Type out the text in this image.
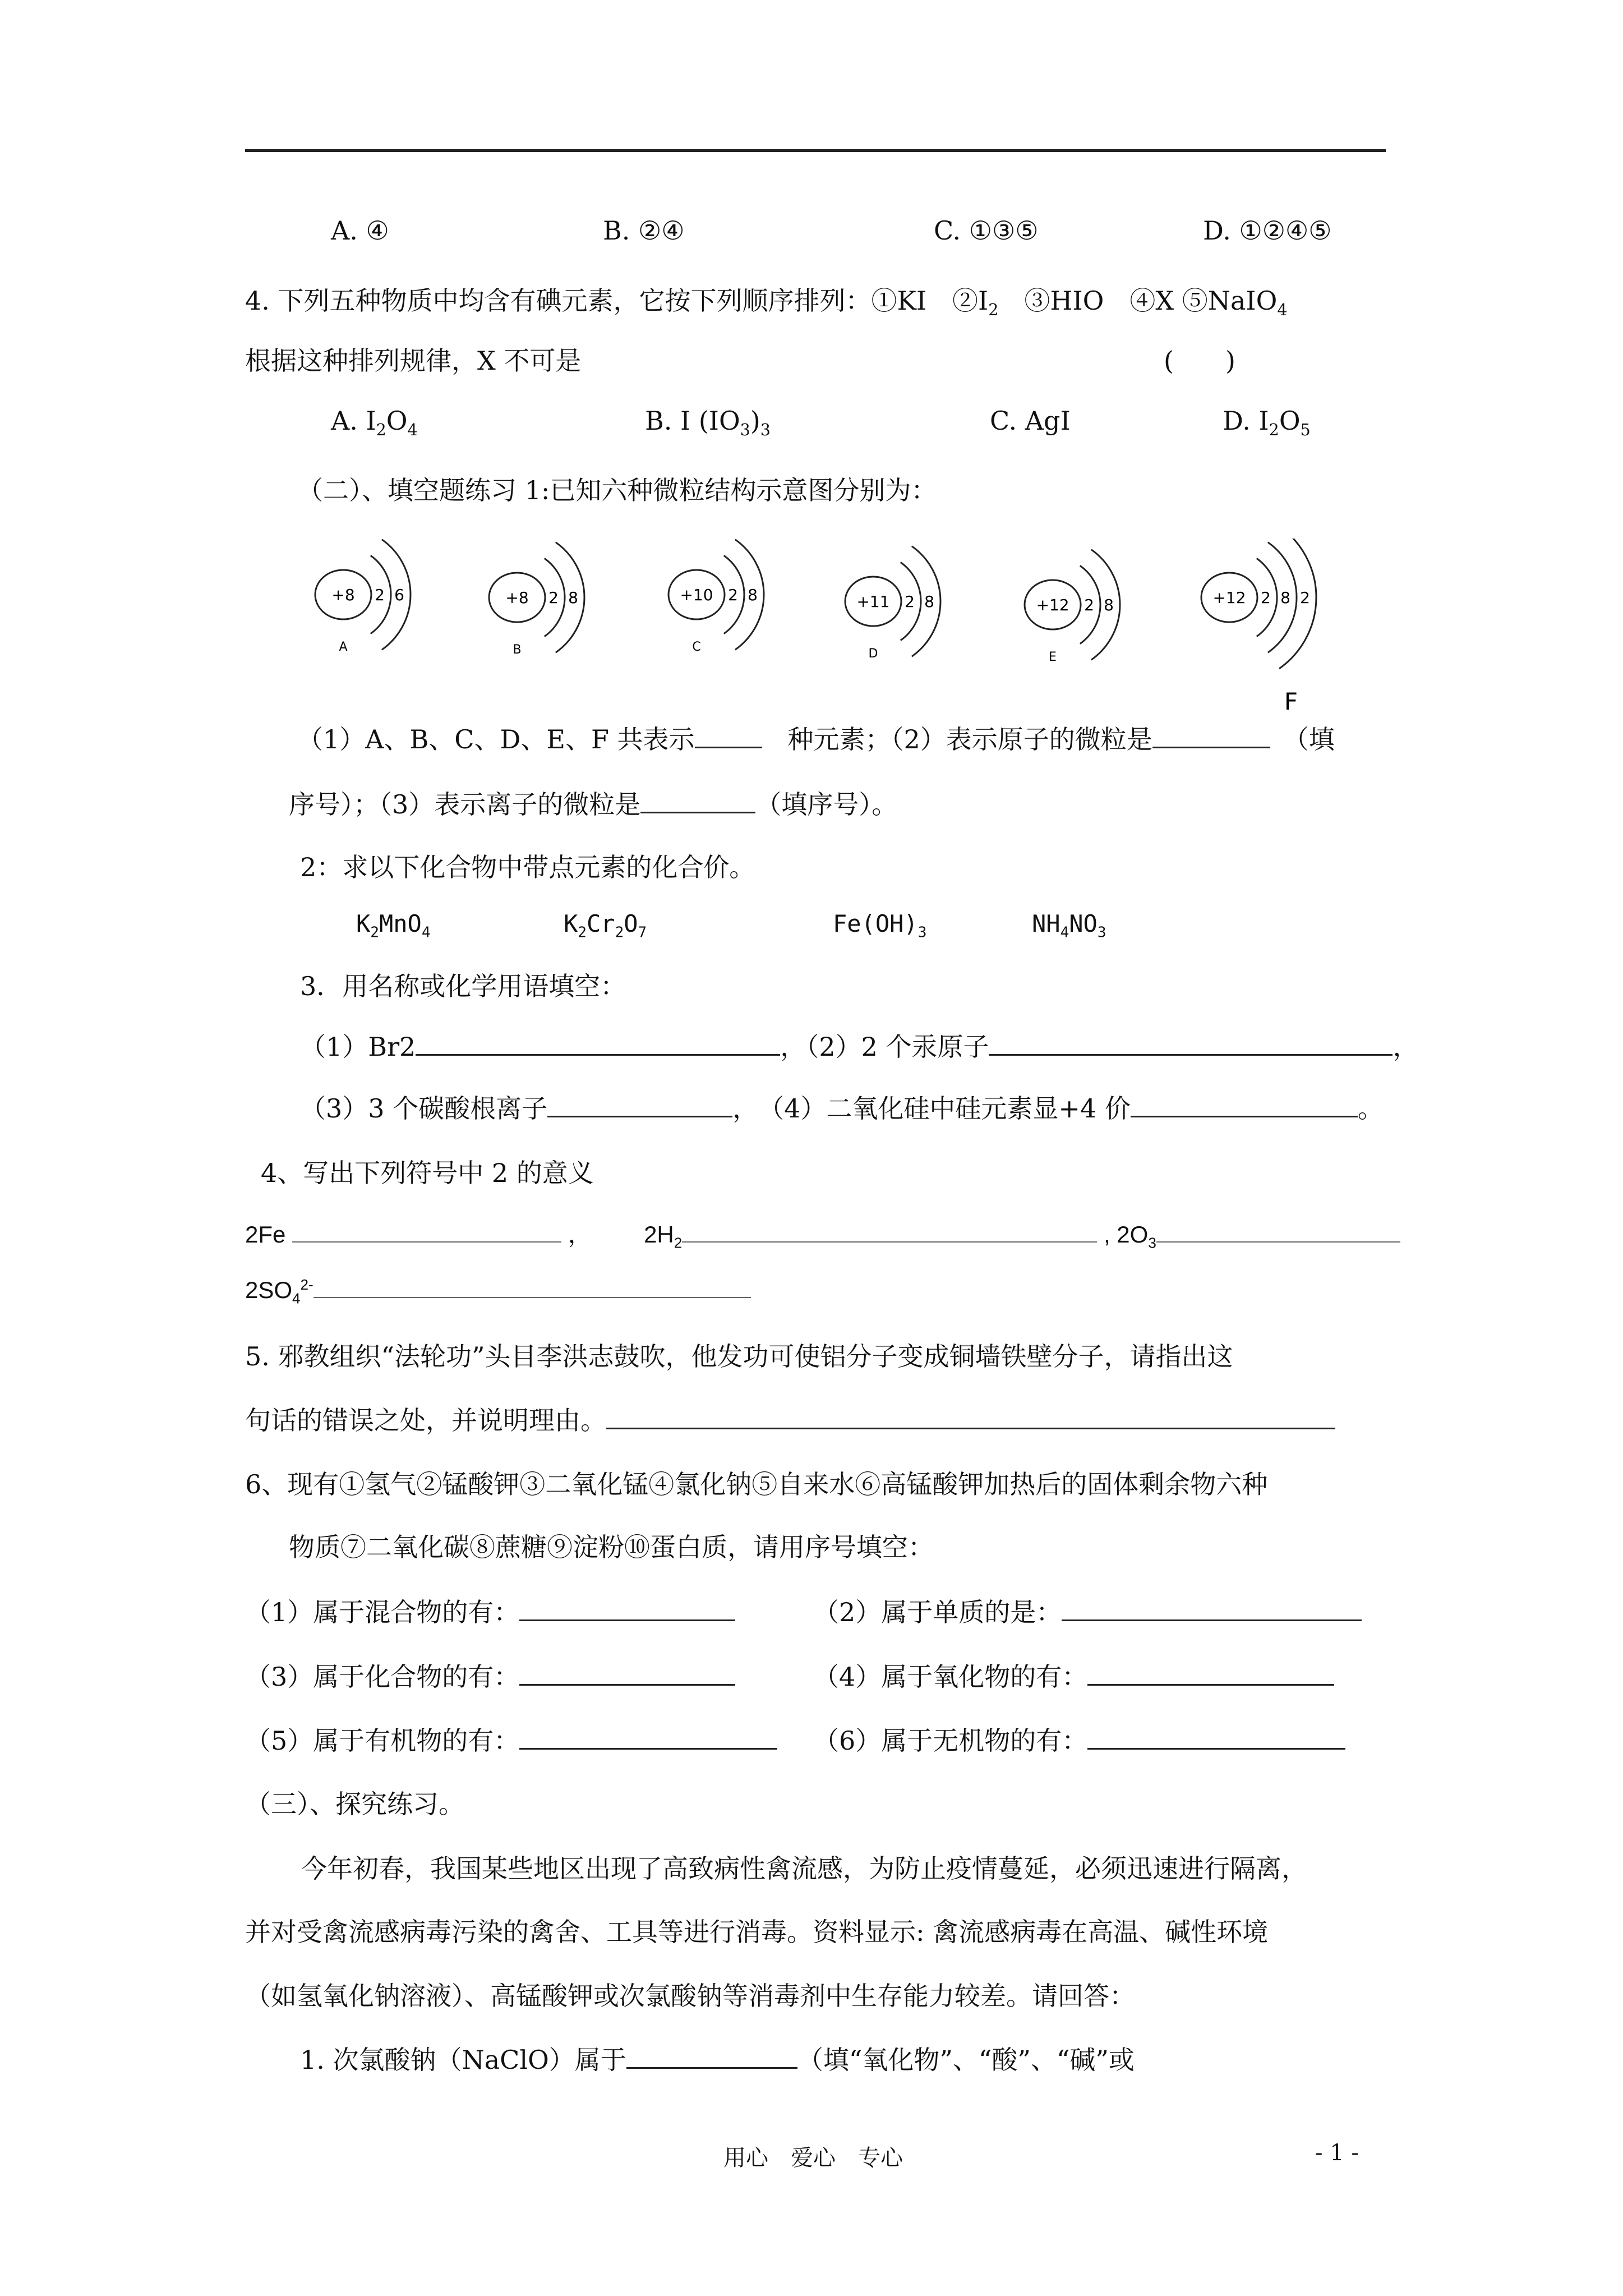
A. ④	B. ②④	C. ①③⑤	D. ①②④⑤
4. 下列五种物质中均含有碘元素，它按下列顺序排列：①KI　$②I_2$　③HIO　④X ⑤NaIO$_4$
根据这种排列规律，X 不可是	(　　)
A. $I_2O_4$	B. I $(IO_3)_3$	C. AgI	D. $I_2O_5$
（二）、填空题练习 1:已知六种微粒结构示意图分别为：
+8 2 6
A
+8 2 8
B
+10 2 8
C
+11 2 8
D
+12 2 8
E
+12 2 8 2
F
（1）A、B、C、D、E、F 共表示　	种元素；（2）表示原子的微粒是　	（填
序号）；（3）表示离子的微粒是	（填序号）。
2：求以下化合物中带点元素的化合价。
$K_2MnO_4$	$K_2Cr_2O_7$	$Fe(OH)_3$	$NH_4NO_3$
3．用名称或化学用语填空：
（1）Br2	，（2）2 个汞原子	，
（3）3 个碳酸根离子	，　（4）二氧化硅中硅元素显+4 价	。
4、写出下列符号中 2 的意义
2Fe	， $2H_2$	, $2O_3$
$2SO_4^{2-}$
5. 邪教组织“法轮功”头目李洪志鼓吹，他发功可使铝分子变成铜墙铁壁分子，请指出这
句话的错误之处，并说明理由。
6、现有①氢气②锰酸钾③二氧化锰④氯化钠⑤自来水⑥高锰酸钾加热后的固体剩余物六种
物质⑦二氧化碳⑧蔗糖⑨淀粉⑩蛋白质，请用序号填空：
（1）属于混合物的有：	（2）属于单质的是：
（3）属于化合物的有：	（4）属于氧化物的有：
（5）属于有机物的有：	（6）属于无机物的有：
（三）、探究练习。
今年初春，我国某些地区出现了高致病性禽流感，为防止疫情蔓延，必须迅速进行隔离，
并对受禽流感病毒污染的禽舍、工具等进行消毒。资料显示: 禽流感病毒在高温、碱性环境
（如氢氧化钠溶液）、高锰酸钾或次氯酸钠等消毒剂中生存能力较差。请回答：
1. 次氯酸钠（NaClO）属于	（填“氧化物”、“酸”、“碱”或
用心　爱心　专心	- 1 -
